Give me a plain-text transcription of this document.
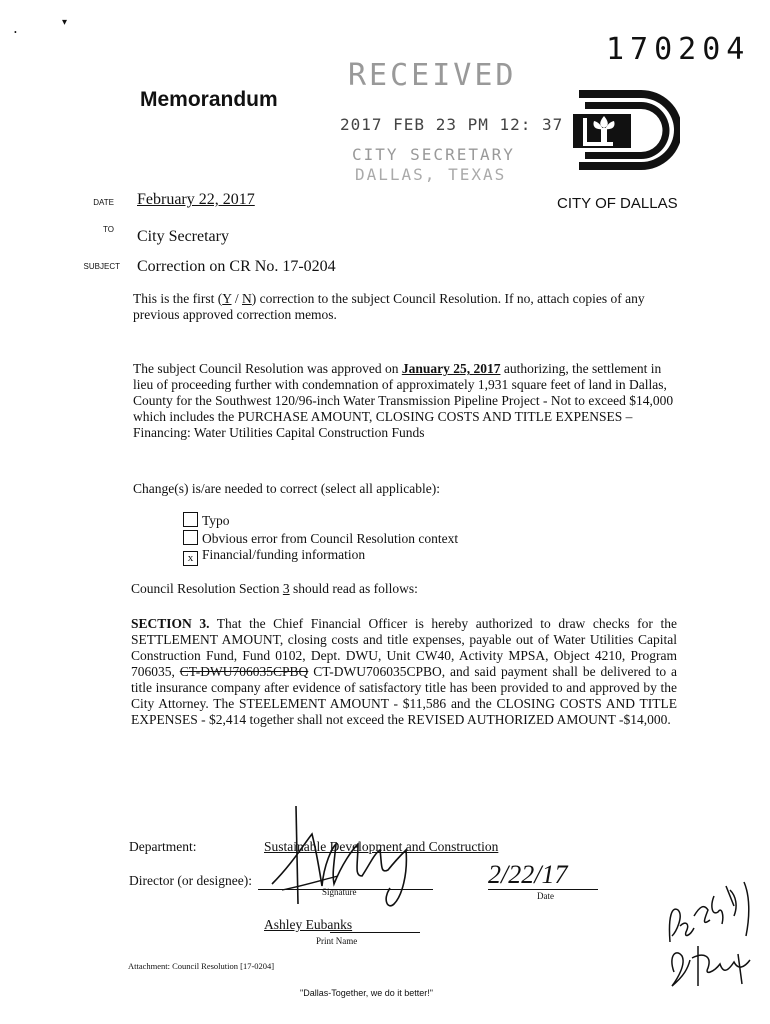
▾
•	170204
Memorandum
RECEIVED
2017 FEB 23 PM 12: 37
CITY SECRETARY
DALLAS, TEXAS
CITY OF DALLAS
DATE February 22, 2017
TO City Secretary
SUBJECT Correction on CR No. 17-0204
This is the first (Y / N) correction to the subject Council Resolution. If no, attach copies of any previous approved correction memos.
The subject Council Resolution was approved on January 25, 2017 authorizing, the settlement in lieu of proceeding further with condemnation of approximately 1,931 square feet of land in Dallas, County for the Southwest 120/96-inch Water Transmission Pipeline Project - Not to exceed $14,000 which includes the PURCHASE AMOUNT, CLOSING COSTS AND TITLE EXPENSES – Financing: Water Utilities Capital Construction Funds
Change(s) is/are needed to correct (select all applicable):
Typo
Obvious error from Council Resolution context
x Financial/funding information
Council Resolution Section 3 should read as follows:
SECTION 3. That the Chief Financial Officer is hereby authorized to draw checks for the SETTLEMENT AMOUNT, closing costs and title expenses, payable out of Water Utilities Capital Construction Fund, Fund 0102, Dept. DWU, Unit CW40, Activity MPSA, Object 4210, Program 706035, CT-DWU706035CPBQ CT-DWU706035CPBO, and said payment shall be delivered to a title insurance company after evidence of satisfactory title has been provided to and approved by the City Attorney. The STEELEMENT AMOUNT - $11,586 and the CLOSING COSTS AND TITLE EXPENSES - $2,414 together shall not exceed the REVISED AUTHORIZED AMOUNT -$14,000.
Department:	Sustainable Development and Construction
Director (or designee):
Signature
2/22/17
Date
Ashley Eubanks
Print Name
Attachment: Council Resolution [17-0204]
"Dallas-Together, we do it better!"
